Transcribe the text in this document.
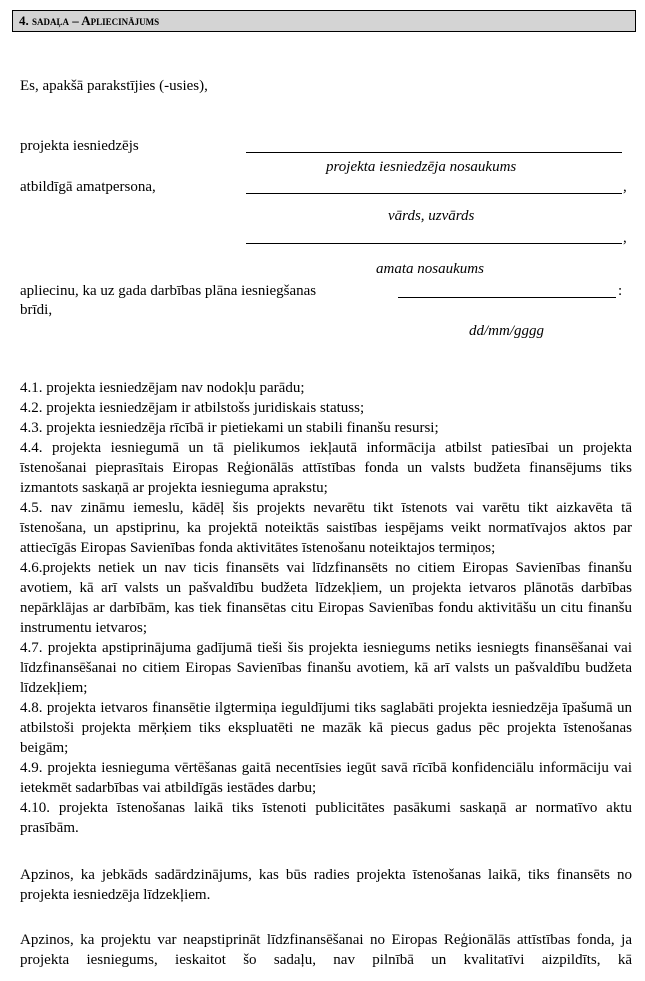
4. sadaļa – Apliecinājums
Es, apakšā parakstījies (-usies),
projekta iesniedzējs
projekta iesniedzēja nosaukums
atbildīgā amatpersona,	,
vārds, uzvārds
,
amata nosaukums
apliecinu, ka uz gada darbības plāna iesniegšanas	:
brīdi,
dd/mm/gggg

4.1. projekta iesniedzējam nav nodokļu parādu;

4.2. projekta iesniedzējam ir atbilstošs juridiskais statuss;

4.3. projekta iesniedzēja rīcībā ir pietiekami un stabili finanšu resursi;

4.4. projekta iesniegumā un tā pielikumos iekļautā informācija atbilst patiesībai un projekta īstenošanai pieprasītais Eiropas Reģionālās attīstības fonda un valsts budžeta finansējums tiks izmantots saskaņā ar projekta iesnieguma aprakstu;

4.5. nav zināmu iemeslu, kādēļ šis projekts nevarētu tikt īstenots vai varētu tikt aizkavēta tā īstenošana, un apstiprinu, ka projektā noteiktās saistības iespējams veikt normatīvajos aktos par attiecīgās Eiropas Savienības fonda aktivitātes īstenošanu noteiktajos termiņos;

4.6.projekts netiek un nav ticis finansēts vai līdzfinansēts no citiem Eiropas Savienības finanšu avotiem, kā arī valsts un pašvaldību budžeta līdzekļiem, un projekta ietvaros plānotās darbības nepārklājas ar darbībām, kas tiek finansētas citu Eiropas Savienības fondu aktivitāšu un citu finanšu instrumentu ietvaros;

4.7. projekta apstiprinājuma gadījumā tieši šis projekta iesniegums netiks iesniegts finansēšanai vai līdzfinansēšanai no citiem Eiropas Savienības finanšu avotiem, kā arī valsts un pašvaldību budžeta līdzekļiem;

4.8. projekta ietvaros finansētie ilgtermiņa ieguldījumi tiks saglabāti projekta iesniedzēja īpašumā un atbilstoši projekta mērķiem tiks ekspluatēti ne mazāk kā piecus gadus pēc projekta īstenošanas beigām;

4.9. projekta iesnieguma vērtēšanas gaitā necentīsies iegūt savā rīcībā konfidenciālu informāciju vai ietekmēt sadarbības vai atbildīgās iestādes darbu;

4.10. projekta īstenošanas laikā tiks īstenoti publicitātes pasākumi saskaņā ar normatīvo aktu prasībām.

Apzinos, ka jebkāds sadārdzinājums, kas būs radies projekta īstenošanas laikā, tiks finansēts no projekta iesniedzēja līdzekļiem.

Apzinos, ka projektu var neapstiprināt līdzfinansēšanai no Eiropas Reģionālās attīstības fonda, ja projekta iesniegums, ieskaitot šo sadaļu, nav pilnībā un kvalitatīvi aizpildīts, kā
